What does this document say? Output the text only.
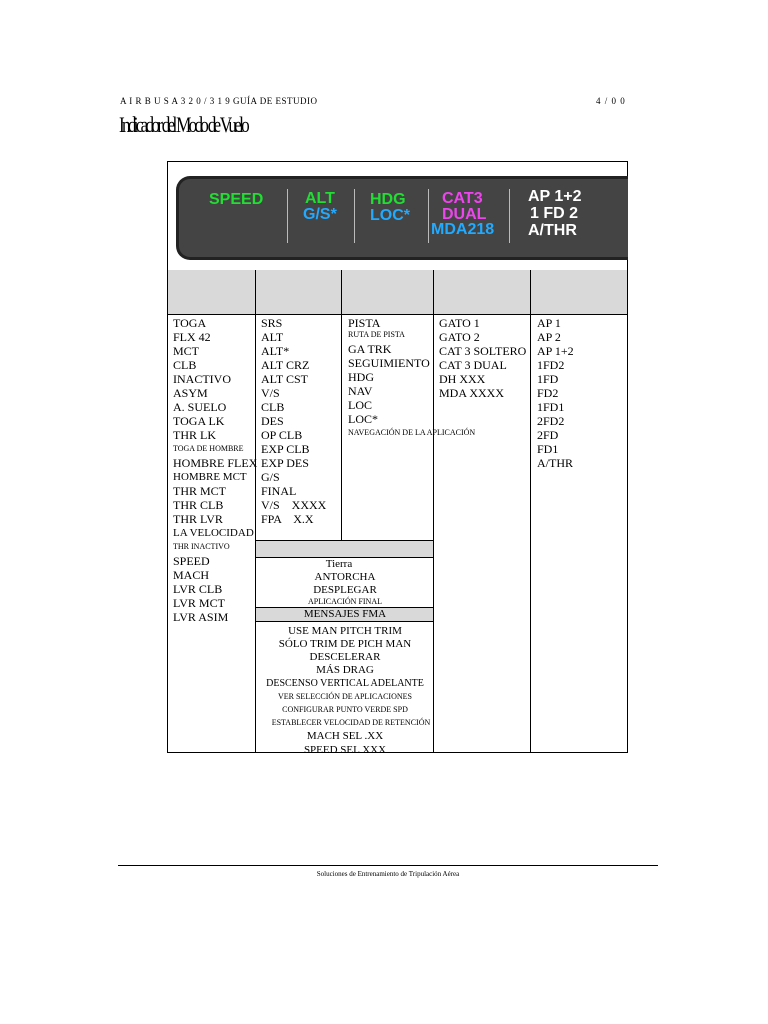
A I R B U S A 3 2 0 / 3 1 9 GUÍA DE ESTUDIO	4 / 0 0
Indicador del Modo de Vuelo
SPEED	ALT
G/S*
HDG
LOC*
CAT3
DUAL
MDA218
AP 1+2
1 FD 2
A/THR
TOGA
FLX 42
MCT
CLB
INACTIVO
ASYM
A. SUELO
TOGA LK
THR LK
TOGA DE HOMBRE
HOMBRE FLEX
HOMBRE MCT
THR MCT
THR CLB
THR LVR
LA VELOCIDAD
THR INACTIVO
SPEED
MACH
LVR CLB
LVR MCT
LVR ASIM
SRS
ALT
ALT*
ALT CRZ
ALT CST
V/S
CLB
DES
OP CLB
EXP CLB
EXP DES
G/S
FINAL
V/S    XXXX
FPA    X.X
PISTA
RUTA DE PISTA
GA TRK
SEGUIMIENTO
HDG
NAV
LOC
LOC*
NAVEGACIÓN DE LA APLICACIÓN
GATO 1
GATO 2
CAT 3 SOLTERO
CAT 3 DUAL
DH XXX
MDA XXXX
AP 1
AP 2
AP 1+2
1FD2
1FD
FD2
1FD1
2FD2
2FD
FD1
A/THR
Tierra
ANTORCHA
DESPLEGAR
APLICACIÓN FINAL
MENSAJES FMA
USE MAN PITCH TRIM
SÓLO TRIM DE PICH MAN
DESCELERAR
MÁS DRAG
DESCENSO VERTICAL ADELANTE
VER SELECCIÓN DE APLICACIONES
CONFIGURAR PUNTO VERDE SPD
ESTABLECER VELOCIDAD DE RETENCIÓN
MACH SEL .XX
SPEED SEL XXX
Soluciones de Entrenamiento de Tripulación Aérea
